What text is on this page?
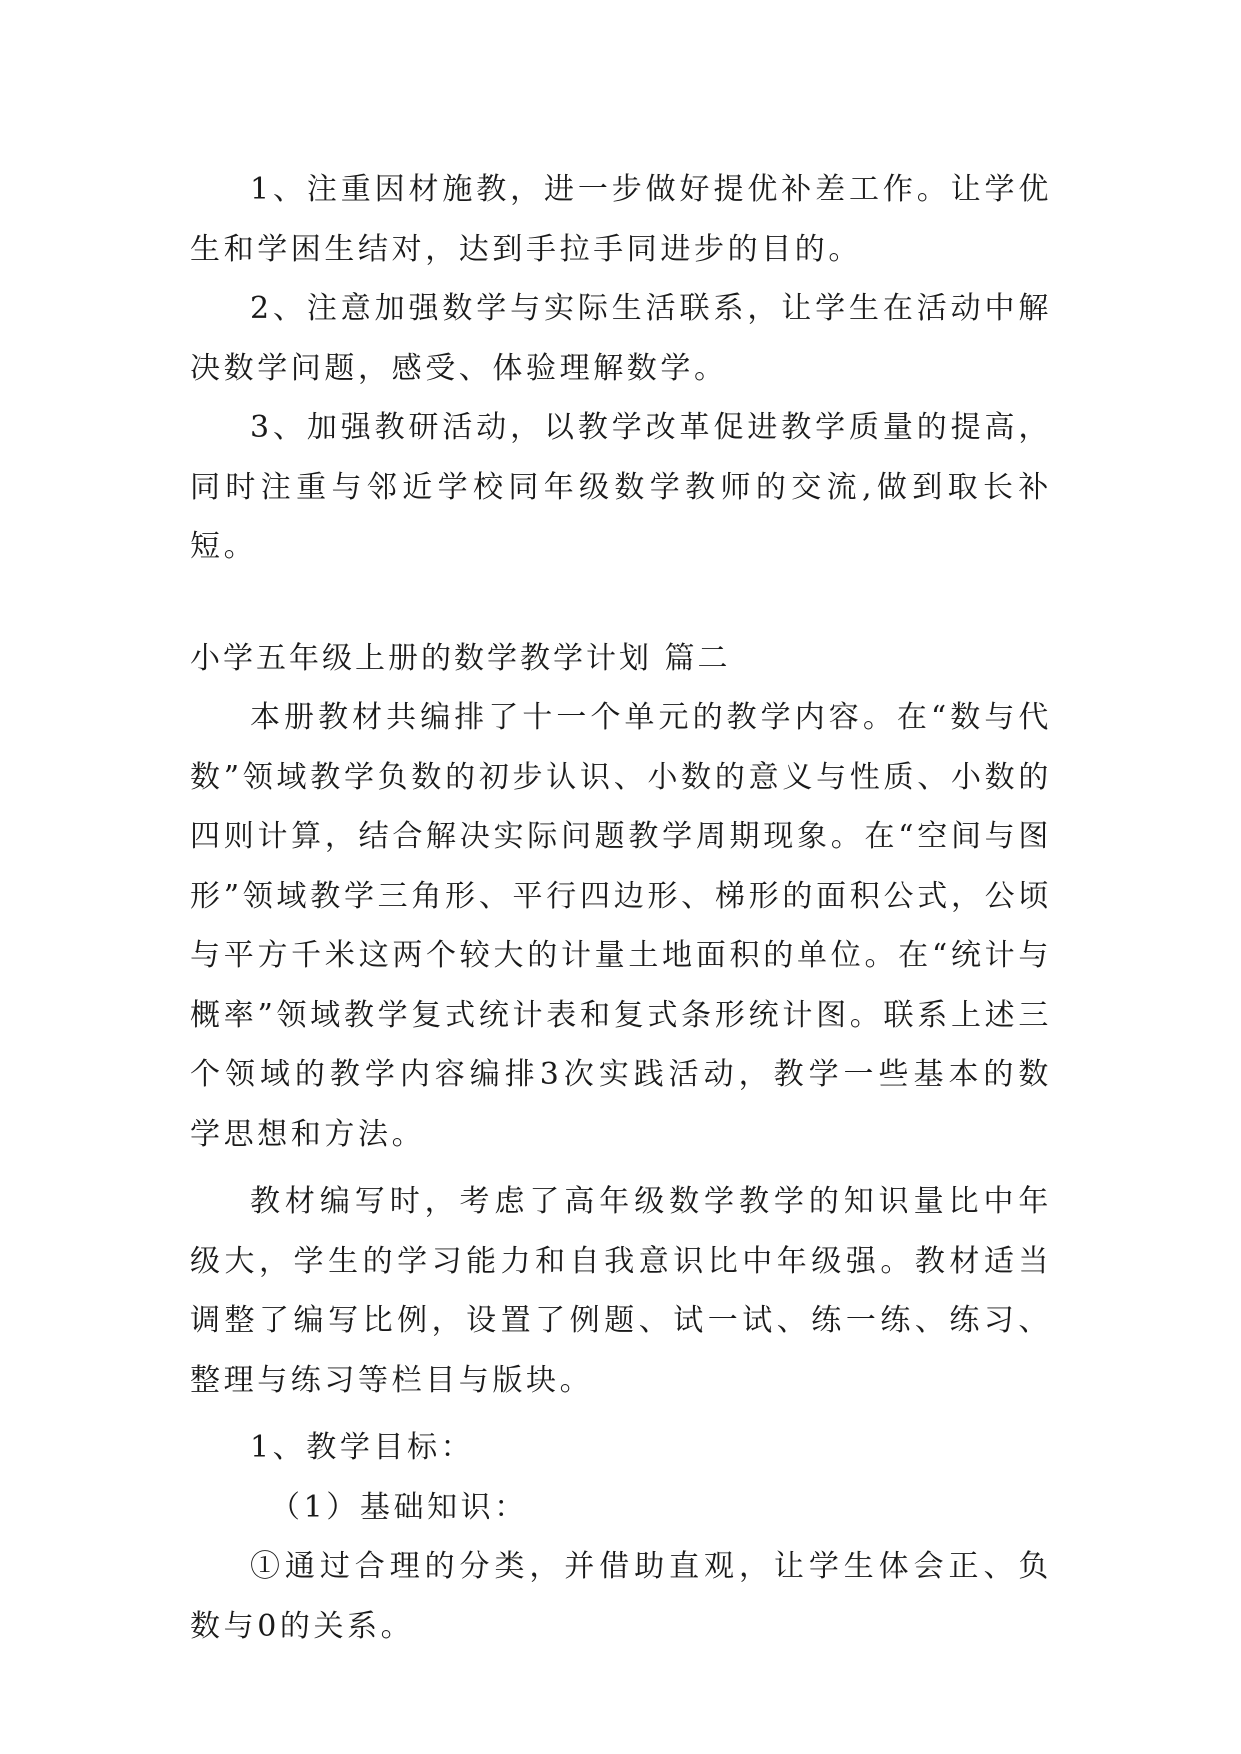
1、注重因材施教，进一步做好提优补差工作。让学优生和学困生结对，达到手拉手同进步的目的。

2、注意加强数学与实际生活联系，让学生在活动中解决数学问题，感受、体验理解数学。

3、加强教研活动，以教学改革促进教学质量的提高，同时注重与邻近学校同年级数学教师的交流,做到取长补短。

小学五年级上册的数学教学计划 篇二

本册教材共编排了十一个单元的教学内容。在“数与代数”领域教学负数的初步认识、小数的意义与性质、小数的四则计算，结合解决实际问题教学周期现象。在“空间与图形”领域教学三角形、平行四边形、梯形的面积公式，公顷与平方千米这两个较大的计量土地面积的单位。在“统计与概率”领域教学复式统计表和复式条形统计图。联系上述三个领域的教学内容编排3次实践活动，教学一些基本的数学思想和方法。

教材编写时，考虑了高年级数学教学的知识量比中年级大，学生的学习能力和自我意识比中年级强。教材适当调整了编写比例，设置了例题、试一试、练一练、练习、整理与练习等栏目与版块。

1、教学目标：

（1）基础知识：

①通过合理的分类，并借助直观，让学生体会正、负数与0的关系。
